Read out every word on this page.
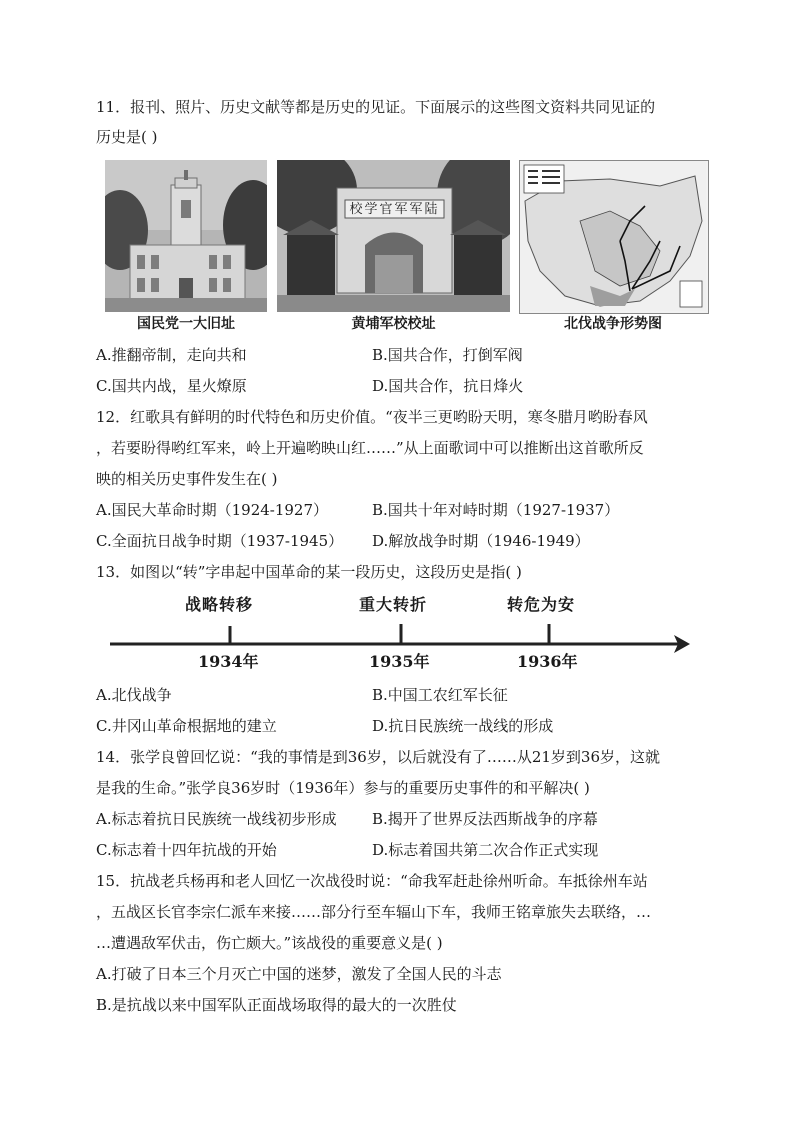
11．报刊、照片、历史文献等都是历史的见证。下面展示的这些图文资料共同见证的
历史是( )
国民党一大旧址
陆
军
军
官
学
校
黄埔军校校址	北伐战争形势图
A.推翻帝制，走向共和	B.国共合作，打倒军阀
C.国共内战，星火燎原	D.国共合作，抗日烽火
12．红歌具有鲜明的时代特色和历史价值。“夜半三更哟盼天明，寒冬腊月哟盼春风
，若要盼得哟红军来，岭上开遍哟映山红……”从上面歌词中可以推断出这首歌所反
映的相关历史事件发生在( )
A.国民大革命时期（1924-1927）	B.国共十年对峙时期（1927-1937）
C.全面抗日战争时期（1937-1945） D.解放战争时期（1946-1949）
13．如图以“转”字串起中国革命的某一段历史，这段历史是指( )
战略转移	重大转折	转危为安
1934年	1935年	1936年
A.北伐战争	B.中国工农红军长征
C.井冈山革命根据地的建立	D.抗日民族统一战线的形成
14．张学良曾回忆说：“我的事情是到36岁，以后就没有了……从21岁到36岁，这就
是我的生命。”张学良36岁时（1936年）参与的重要历史事件的和平解决( )
A.标志着抗日民族统一战线初步形成 B.揭开了世界反法西斯战争的序幕
C.标志着十四年抗战的开始	D.标志着国共第二次合作正式实现
15．抗战老兵杨再和老人回忆一次战役时说：“命我军赶赴徐州听命。车抵徐州车站
，五战区长官李宗仁派车来接……部分行至车辐山下车，我师王铭章旅失去联络，…
…遭遇敌军伏击，伤亡颇大。”该战役的重要意义是( )
A.打破了日本三个月灭亡中国的迷梦，激发了全国人民的斗志
B.是抗战以来中国军队正面战场取得的最大的一次胜仗
